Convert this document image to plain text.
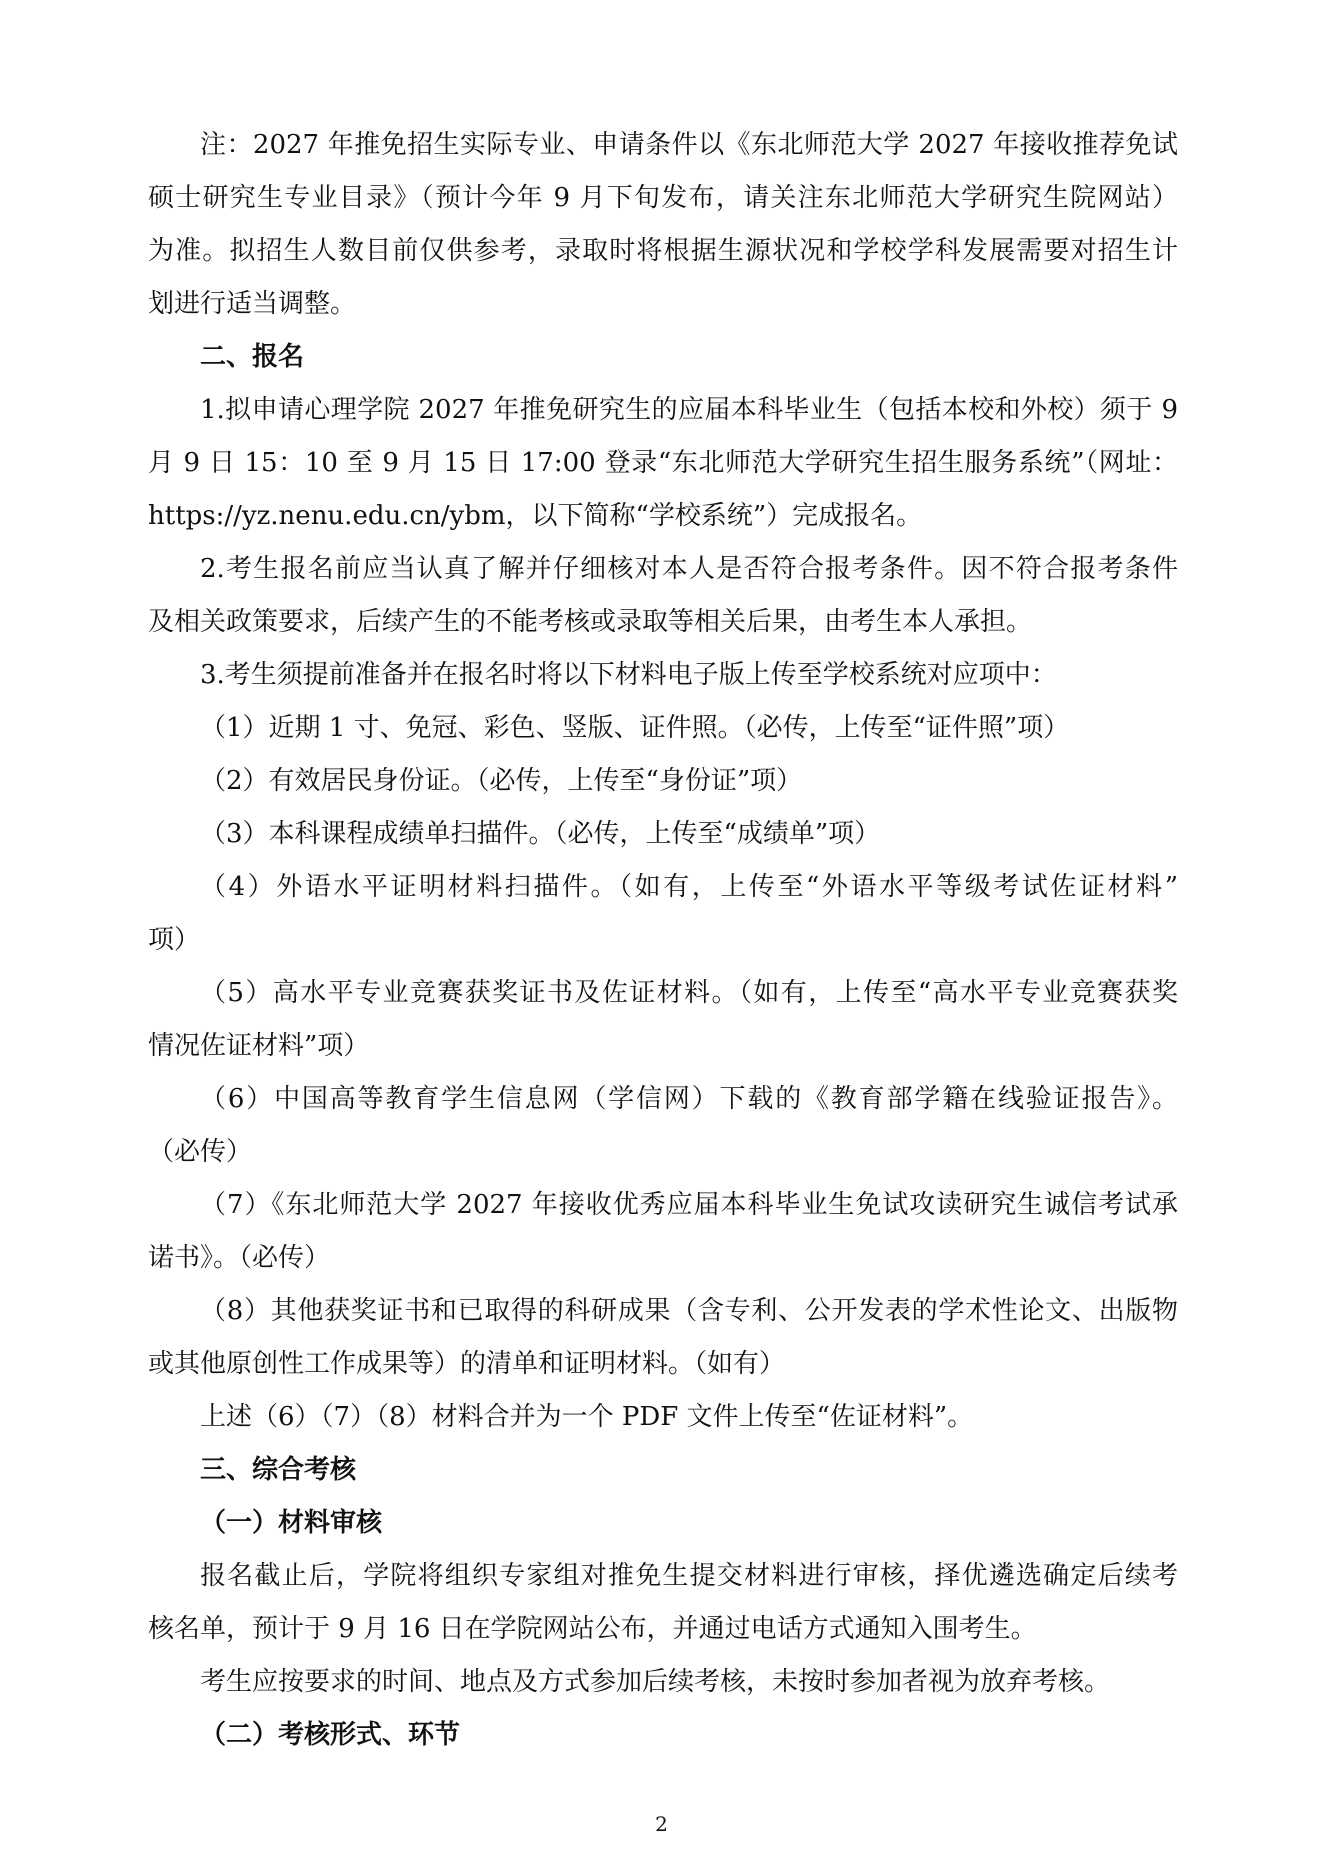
注：2027 年推免招生实际专业、申请条件以《东北师范大学 2027 年接收推荐免试

硕士研究生专业目录》（预计今年 9 月下旬发布，请关注东北师范大学研究生院网站）

为准。拟招生人数目前仅供参考，录取时将根据生源状况和学校学科发展需要对招生计

划进行适当调整。

二、报名

1.拟申请心理学院 2027 年推免研究生的应届本科毕业生（包括本校和外校）须于 9

月 9 日 15：10 至 9 月 15 日 17:00 登录“东北师范大学研究生招生服务系统”（网址：

https://yz.nenu.edu.cn/ybm，以下简称“学校系统”）完成报名。

2.考生报名前应当认真了解并仔细核对本人是否符合报考条件。因不符合报考条件

及相关政策要求，后续产生的不能考核或录取等相关后果，由考生本人承担。

3.考生须提前准备并在报名时将以下材料电子版上传至学校系统对应项中：

（1）近期 1 寸、免冠、彩色、竖版、证件照。（必传，上传至“证件照”项）

（2）有效居民身份证。（必传，上传至“身份证”项）

（3）本科课程成绩单扫描件。（必传，上传至“成绩单”项）

（4）外语水平证明材料扫描件。（如有，上传至“外语水平等级考试佐证材料”

项）

（5）高水平专业竞赛获奖证书及佐证材料。（如有，上传至“高水平专业竞赛获奖

情况佐证材料”项）

（6）中国高等教育学生信息网（学信网）下载的《教育部学籍在线验证报告》。

（必传）

（7）《东北师范大学 2027 年接收优秀应届本科毕业生免试攻读研究生诚信考试承

诺书》。（必传）

（8）其他获奖证书和已取得的科研成果（含专利、公开发表的学术性论文、出版物

或其他原创性工作成果等）的清单和证明材料。（如有）

上述（6）（7）（8）材料合并为一个 PDF 文件上传至“佐证材料”。

三、综合考核

（一）材料审核

报名截止后，学院将组织专家组对推免生提交材料进行审核，择优遴选确定后续考

核名单，预计于 9 月 16 日在学院网站公布，并通过电话方式通知入围考生。

考生应按要求的时间、地点及方式参加后续考核，未按时参加者视为放弃考核。

（二）考核形式、环节

2
